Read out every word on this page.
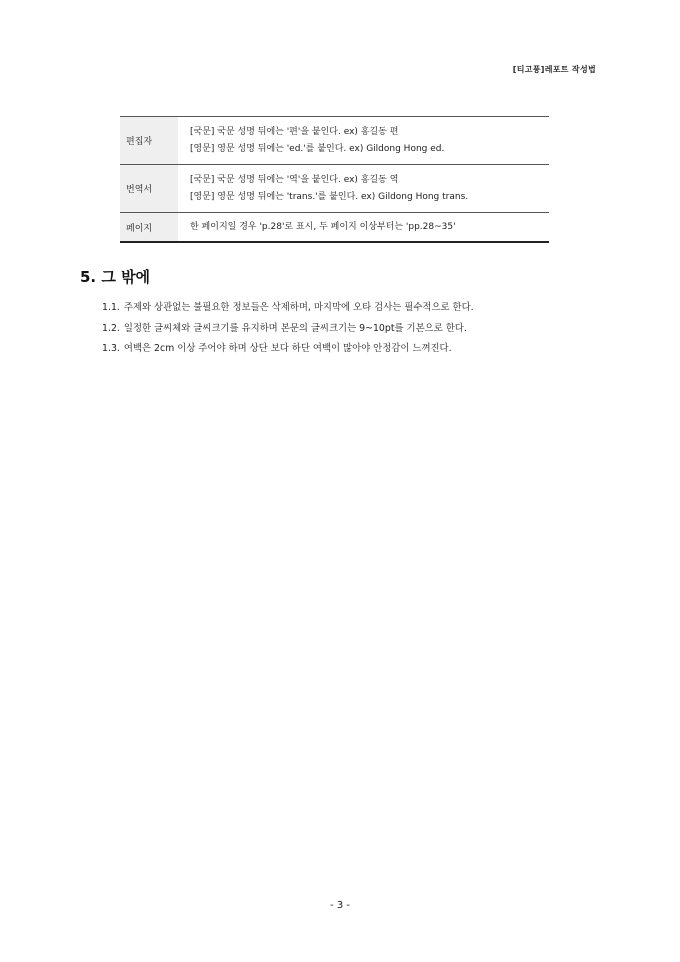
[티고풍]레포트 작성법
편집자	[국문] 국문 성명 뒤에는 '편'을 붙인다. ex) 홍길동 편
[영문] 영문 성명 뒤에는 'ed.'를 붙인다. ex) Gildong Hong ed.

번역서	[국문] 국문 성명 뒤에는 '역'을 붙인다. ex) 홍길동 역
[영문] 영문 성명 뒤에는 'trans.'를 붙인다. ex) Gildong Hong trans.

페이지	한 페이지일 경우 'p.28'로 표시, 두 페이지 이상부터는 'pp.28~35'
5. 그 밖에
1.1. 주제와 상관없는 불필요한 정보들은 삭제하며, 마지막에 오타 검사는 필수적으로 한다.
1.2. 일정한 글씨체와 글씨크기를 유지하며 본문의 글씨크기는 9~10pt를 기본으로 한다.
1.3. 여백은 2cm 이상 주어야 하며 상단 보다 하단 여백이 많아야 안정감이 느껴진다.
- 3 -
